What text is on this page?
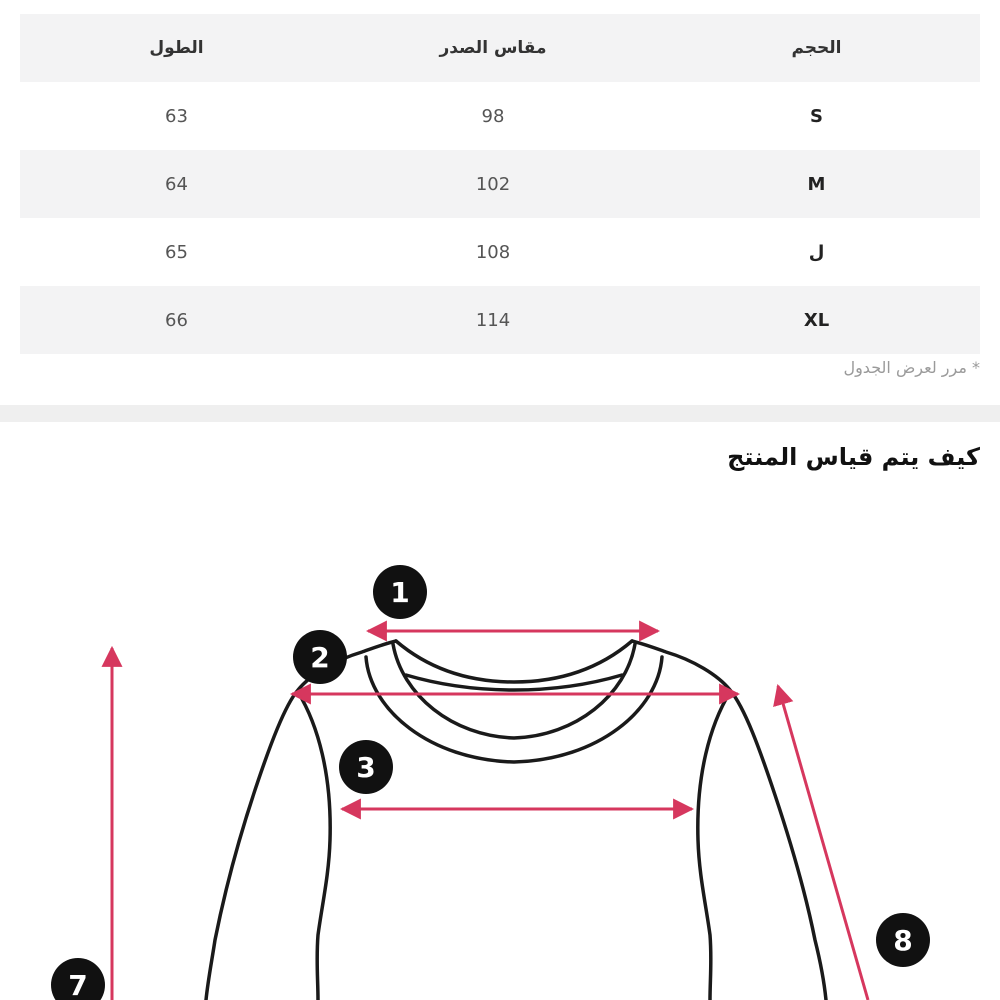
الحجم	مقاس الصدر	الطول
S	98	63
M	102	64
ل	108	65
XL	114	66
* مرر لعرض الجدول
كيف يتم قياس المنتج
1
2
3
7
8
